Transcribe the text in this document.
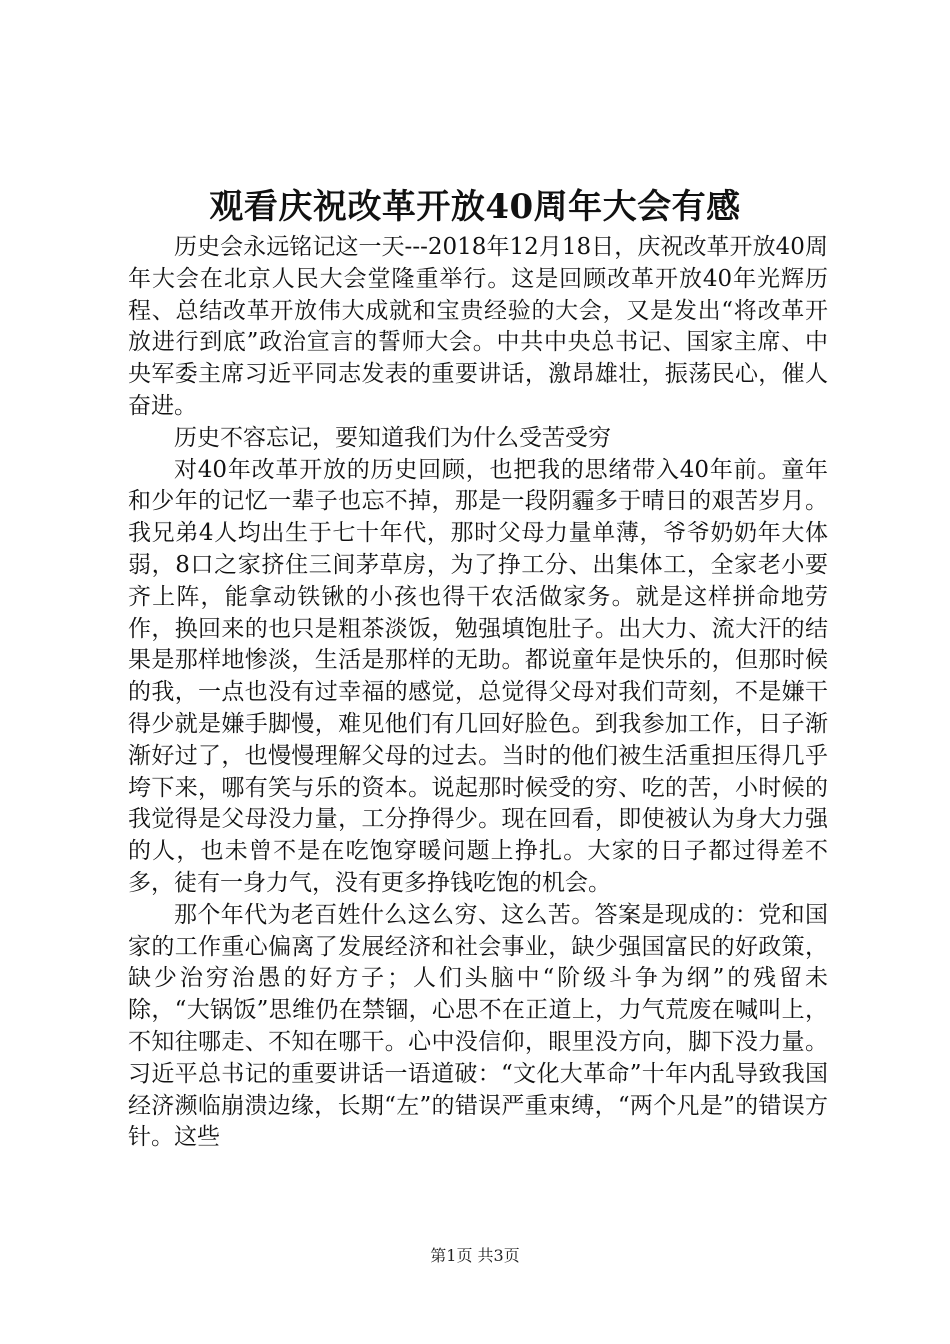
观看庆祝改革开放40周年大会有感

历史会永远铭记这一天---2018年12月18日，庆祝改革开放40周年大会在北京人民大会堂隆重举行。这是回顾改革开放40年光辉历程、总结改革开放伟大成就和宝贵经验的大会，又是发出“将改革开放进行到底”政治宣言的誓师大会。中共中央总书记、国家主席、中央军委主席习近平同志发表的重要讲话，激昂雄壮，振荡民心，催人奋进。

历史不容忘记，要知道我们为什么受苦受穷

对40年改革开放的历史回顾，也把我的思绪带入40年前。童年和少年的记忆一辈子也忘不掉，那是一段阴霾多于晴日的艰苦岁月。我兄弟4人均出生于七十年代，那时父母力量单薄，爷爷奶奶年大体弱，8口之家挤住三间茅草房，为了挣工分、出集体工，全家老小要齐上阵，能拿动铁锹的小孩也得干农活做家务。就是这样拼命地劳作，换回来的也只是粗茶淡饭，勉强填饱肚子。出大力、流大汗的结果是那样地惨淡，生活是那样的无助。都说童年是快乐的，但那时候的我，一点也没有过幸福的感觉，总觉得父母对我们苛刻，不是嫌干得少就是嫌手脚慢，难见他们有几回好脸色。到我参加工作，日子渐渐好过了，也慢慢理解父母的过去。当时的他们被生活重担压得几乎垮下来，哪有笑与乐的资本。说起那时候受的穷、吃的苦，小时候的我觉得是父母没力量，工分挣得少。现在回看，即使被认为身大力强的人，也未曾不是在吃饱穿暖问题上挣扎。大家的日子都过得差不多，徒有一身力气，没有更多挣钱吃饱的机会。

那个年代为老百姓什么这么穷、这么苦。答案是现成的：党和国家的工作重心偏离了发展经济和社会事业，缺少强国富民的好政策，缺少治穷治愚的好方子；人们头脑中“阶级斗争为纲”的残留未除，“大锅饭”思维仍在禁锢，心思不在正道上，力气荒废在喊叫上，不知往哪走、不知在哪干。心中没信仰，眼里没方向，脚下没力量。习近平总书记的重要讲话一语道破：“文化大革命”十年内乱导致我国经济濒临崩溃边缘，长期“左”的错误严重束缚，“两个凡是”的错误方针。这些

第1页 共3页
